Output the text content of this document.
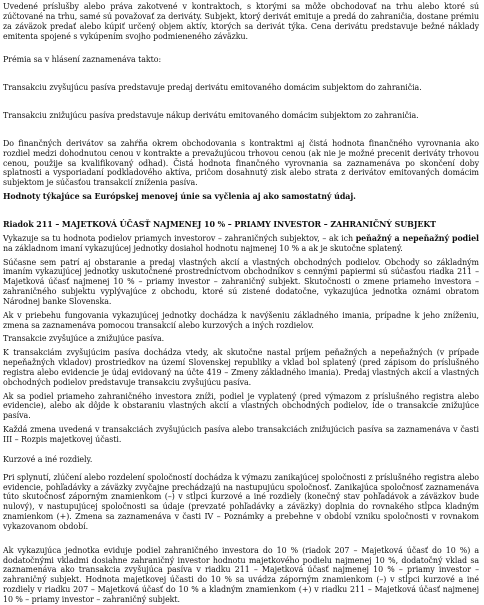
Uvedené príslušby alebo práva zakotvené v kontraktoch, s ktorými sa môže obchodovať na trhu alebo ktoré sú zúčtované na trhu, samé sú považovať za deriváty. Subjekt, ktorý derivát emituje a predá do zahraničia, dostane prémiu za záväzok predať alebo kúpiť určený objem aktív, ktorých sa derivát týka. Cena derivátu predstavuje bežné náklady emitenta spojené s vykúpením svojho podmieneného záväzku.

Prémia sa v hlásení zaznamenáva takto:

Transakciu zvyšujúcu pasíva predstavuje predaj derivátu emitovaného domácim subjektom do zahraničia.

Transakciu znižujúcu pasíva predstavuje nákup derivátu emitovaného domácim subjektom zo zahraničia.

Do finančných derivátov sa zahŕňa okrem obchodovania s kontraktmi aj čistá hodnota finančného vyrovnania ako rozdiel medzi dohodnutou cenou v kontrakte a prevažujúcou trhovou cenou (ak nie je možné precenit deriváty trhovou cenou, použije sa kvalifikovaný odhad). Čistá hodnota finančného vyrovnania sa zaznamenáva po skončení doby splatnosti a vysporiadaní podkladového aktíva, pričom dosahnutý zisk alebo strata z derivátov emitovaných domácim subjektom je súčasťou transakcií zníženia pasíva.

Hodnoty týkajúce sa Európskej menovej únie sa vyčlenia aj ako samostatný údaj.

Riadok 211 – MAJETKOVÁ ÚČASŤ NAJMENEJ 10 % – PRIAMY INVESTOR – ZAHRANIČNÝ SUBJEKT

Vykazuje sa tu hodnota podielov priamych investorov – zahraničných subjektov, – ak ich peňažný a nepeňažný podiel na základnom imaní vykazujúcej jednotky dosiahol hodnotu najmenej 10 % a ak je skutočne splatený.

Súčasne sem patrí aj obstaranie a predaj vlastných akcií a vlastných obchodných podielov. Obchody so základným imaním vykazujúcej jednotky uskutočnené prostredníctvom obchodníkov s cennými papiermi sú súčasťou riadka 211 – Majetková účasť najmenej 10 % – priamy investor – zahraničný subjekt. Skutočnosti o zmene priameho investora – zahraničného subjektu vyplývajúce z obchodu, ktoré sú zistené dodatočne, vykazujúca jednotka oznámi obratom Národnej banke Slovenska.

Ak v priebehu fungovania vykazujúcej jednotky dochádza k navýšeniu základného imania, prípadne k jeho zníženiu, zmena sa zaznamenáva pomocou transakcií alebo kurzových a iných rozdielov.

Transakcie zvyšujúce a znižujúce pasíva.

K transakciám zvyšujúcim pasíva dochádza vtedy, ak skutočne nastal príjem peňažných a nepeňažných (v prípade nepeňažných vkladov) prostriedkov na území Slovenskej republiky a vklad bol splatený (pred zápisom do príslušného registra alebo evidencie je údaj evidovaný na účte 419 – Zmeny základného imania). Predaj vlastných akcií a vlastných obchodných podielov predstavuje transakciu zvyšujúcu pasíva.

Ak sa podiel priameho zahraničného investora zníži, podiel je vyplatený (pred výmazom z príslušného registra alebo evidencie), alebo ak dôjde k obstaraniu vlastných akcií a vlastných obchodných podielov, ide o transakcie znižujúce pasíva.

Každá zmena uvedená v transakciách zvyšujúcich pasíva alebo transakciách znižujúcich pasíva sa zaznamenáva v časti III – Rozpis majetkovej účasti.

Kurzové a iné rozdiely.

Pri splynutí, zlúčení alebo rozdelení spoločností dochádza k výmazu zanikajúcej spoločnosti z príslušného registra alebo evidencie, pohľadávky a záväzky zvyčajne prechádzajú na nastupujúcu spoločnosť. Zanikajúca spoločnosť zaznamenáva túto skutočnosť záporným znamienkom (–) v stĺpci kurzové a iné rozdiely (konečný stav pohľadávok a záväzkov bude nulový), v nastupujúcej spoločnosti sa údaje (prevzaté pohľadávky a záväzky) doplnia do rovnakého stĺpca kladným znamienkom (+). Zmena sa zaznamenáva v časti IV – Poznámky a prebehne v období vzniku spoločnosti v rovnakom vykazovanom období.

Ak vykazujúca jednotka eviduje podiel zahraničného investora do 10 % (riadok 207 – Majetková účasť do 10 %) a dodatočnými vkladmi dosiahne zahraničný investor hodnotu majetkového podielu najmenej 10 %, dodatočný vklad sa zaznamenáva ako transakcia zvyšujúca pasíva v riadku 211 – Majetková účasť najmenej 10 % – priamy investor – zahraničný subjekt. Hodnota majetkovej účasti do 10 % sa uvádza záporným znamienkom (–) v stĺpci kurzové a iné rozdiely v riadku 207 – Majetková účasť do 10 % a kladným znamienkom (+) v riadku 211 – Majetková účasť najmenej 10 % – priamy investor – zahraničný subjekt.
